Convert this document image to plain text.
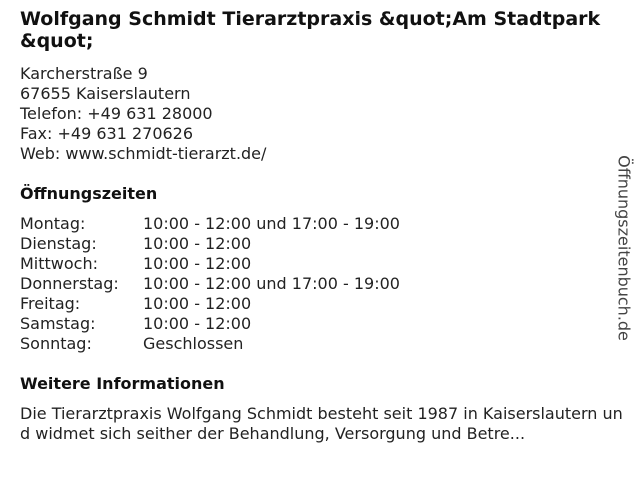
Wolfgang Schmidt Tierarztpraxis &quot;Am Stadtpark &quot;
Karcherstraße 9
67655 Kaiserslautern
Telefon: +49 631 28000
Fax: +49 631 270626
Web: www.schmidt-tierarzt.de/
Öffnungszeiten
Montag:	10:00 - 12:00 und 17:00 - 19:00
Dienstag:	10:00 - 12:00
Mittwoch:	10:00 - 12:00
Donnerstag:	10:00 - 12:00 und 17:00 - 19:00
Freitag:	10:00 - 12:00
Samstag:	10:00 - 12:00
Sonntag:	Geschlossen
Weitere Informationen
Die Tierarztpraxis Wolfgang Schmidt besteht seit 1987 in Kaiserslautern und widmet sich seither der Behandlung, Versorgung und Betre...
Öffnungszeitenbuch.de
